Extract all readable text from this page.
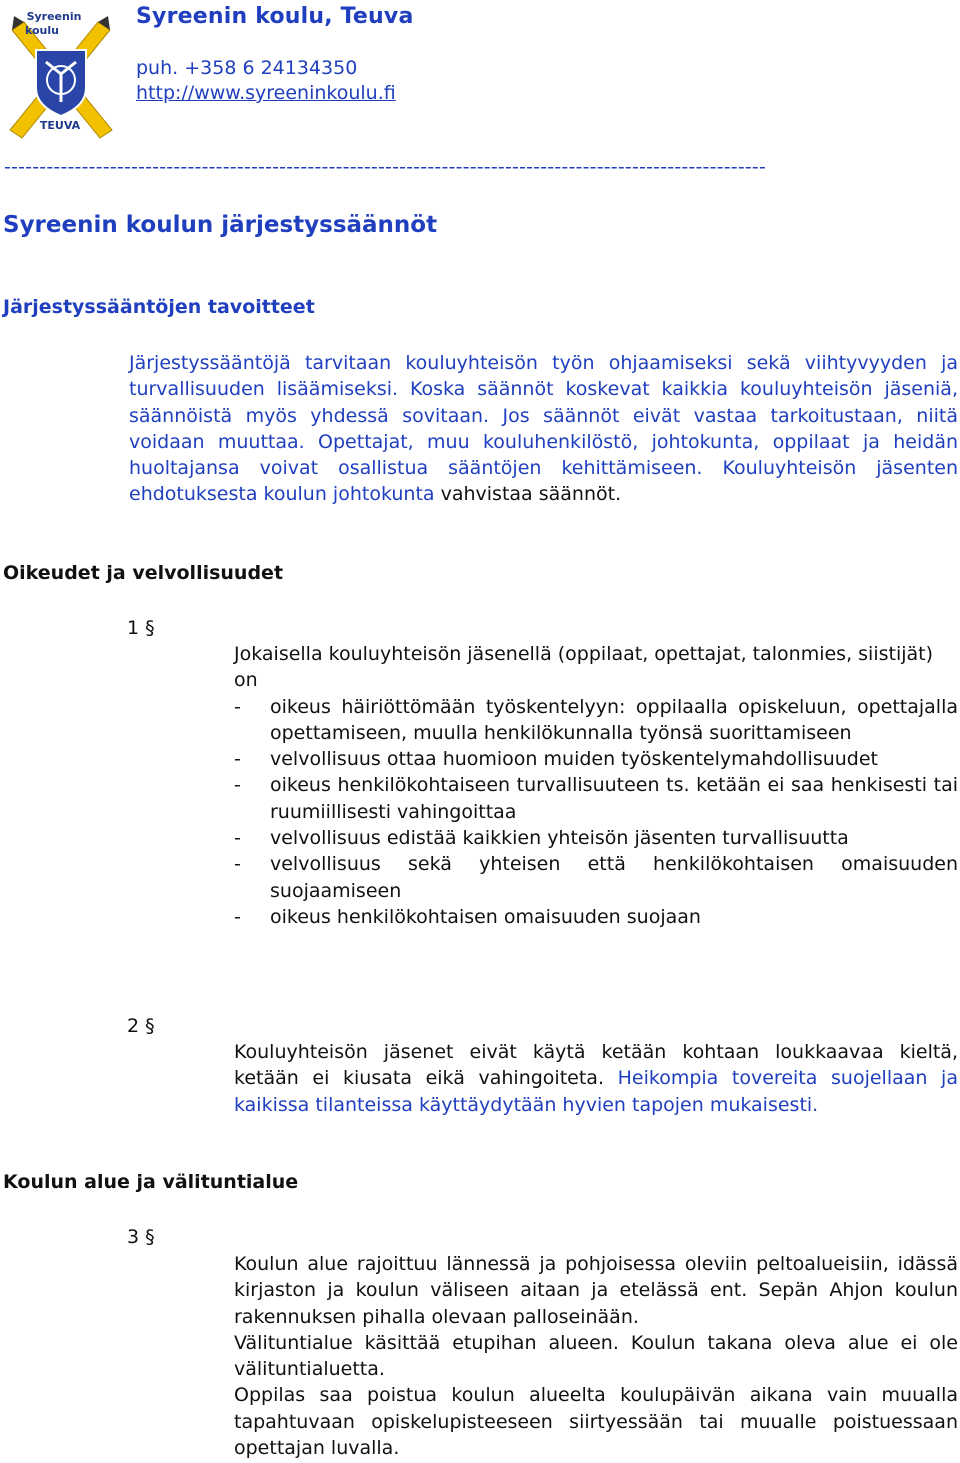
Syreenin
koulu
TEUVA
Syreenin koulu, Teuva
puh. +358 6 24134350
http://www.syreeninkoulu.fi
------------------------------------------------------------------------------------------------------------
Syreenin koulun järjestyssäännöt
Järjestyssääntöjen tavoitteet
Järjestyssääntöjä tarvitaan kouluyhteisön työn ohjaamiseksi sekä viihtyvyyden ja turvallisuuden lisäämiseksi. Koska säännöt koskevat kaikkia kouluyhteisön jäseniä, säännöistä myös yhdessä sovitaan. Jos säännöt eivät vastaa tarkoitustaan, niitä voidaan muuttaa. Opettajat, muu kouluhenkilöstö, johtokunta, oppilaat ja heidän huoltajansa voivat osallistua sääntöjen kehittämiseen. Kouluyhteisön jäsenten ehdotuksesta koulun johtokunta vahvistaa säännöt.
Oikeudet ja velvollisuudet
1 §
Jokaisella kouluyhteisön jäsenellä (oppilaat, opettajat, talonmies, siistijät) on
- oikeus häiriöttömään työskentelyyn: oppilaalla opiskeluun, opettajalla opettamiseen, muulla henkilökunnalla työnsä suorittamiseen
- velvollisuus ottaa huomioon muiden työskentelymahdollisuudet
- oikeus henkilökohtaiseen turvallisuuteen ts. ketään ei saa henkisesti tai ruumiillisesti vahingoittaa
- velvollisuus edistää kaikkien yhteisön jäsenten turvallisuutta
- velvollisuus sekä yhteisen että henkilökohtaisen omaisuuden suojaamiseen
- oikeus henkilökohtaisen omaisuuden suojaan
2 §
Kouluyhteisön jäsenet eivät käytä ketään kohtaan loukkaavaa kieltä, ketään ei kiusata eikä vahingoiteta. Heikompia tovereita suojellaan ja kaikissa tilanteissa käyttäydytään hyvien tapojen mukaisesti.
Koulun alue ja välituntialue
3 §
Koulun alue rajoittuu lännessä ja pohjoisessa oleviin peltoalueisiin, idässä kirjaston ja koulun väliseen aitaan ja etelässä ent. Sepän Ahjon koulun rakennuksen pihalla olevaan palloseinään.
Välituntialue käsittää etupihan alueen. Koulun takana oleva alue ei ole välituntialuetta.
Oppilas saa poistua koulun alueelta koulupäivän aikana vain muualla tapahtuvaan opiskelupisteeseen siirtyessään tai muualle poistuessaan opettajan luvalla.
